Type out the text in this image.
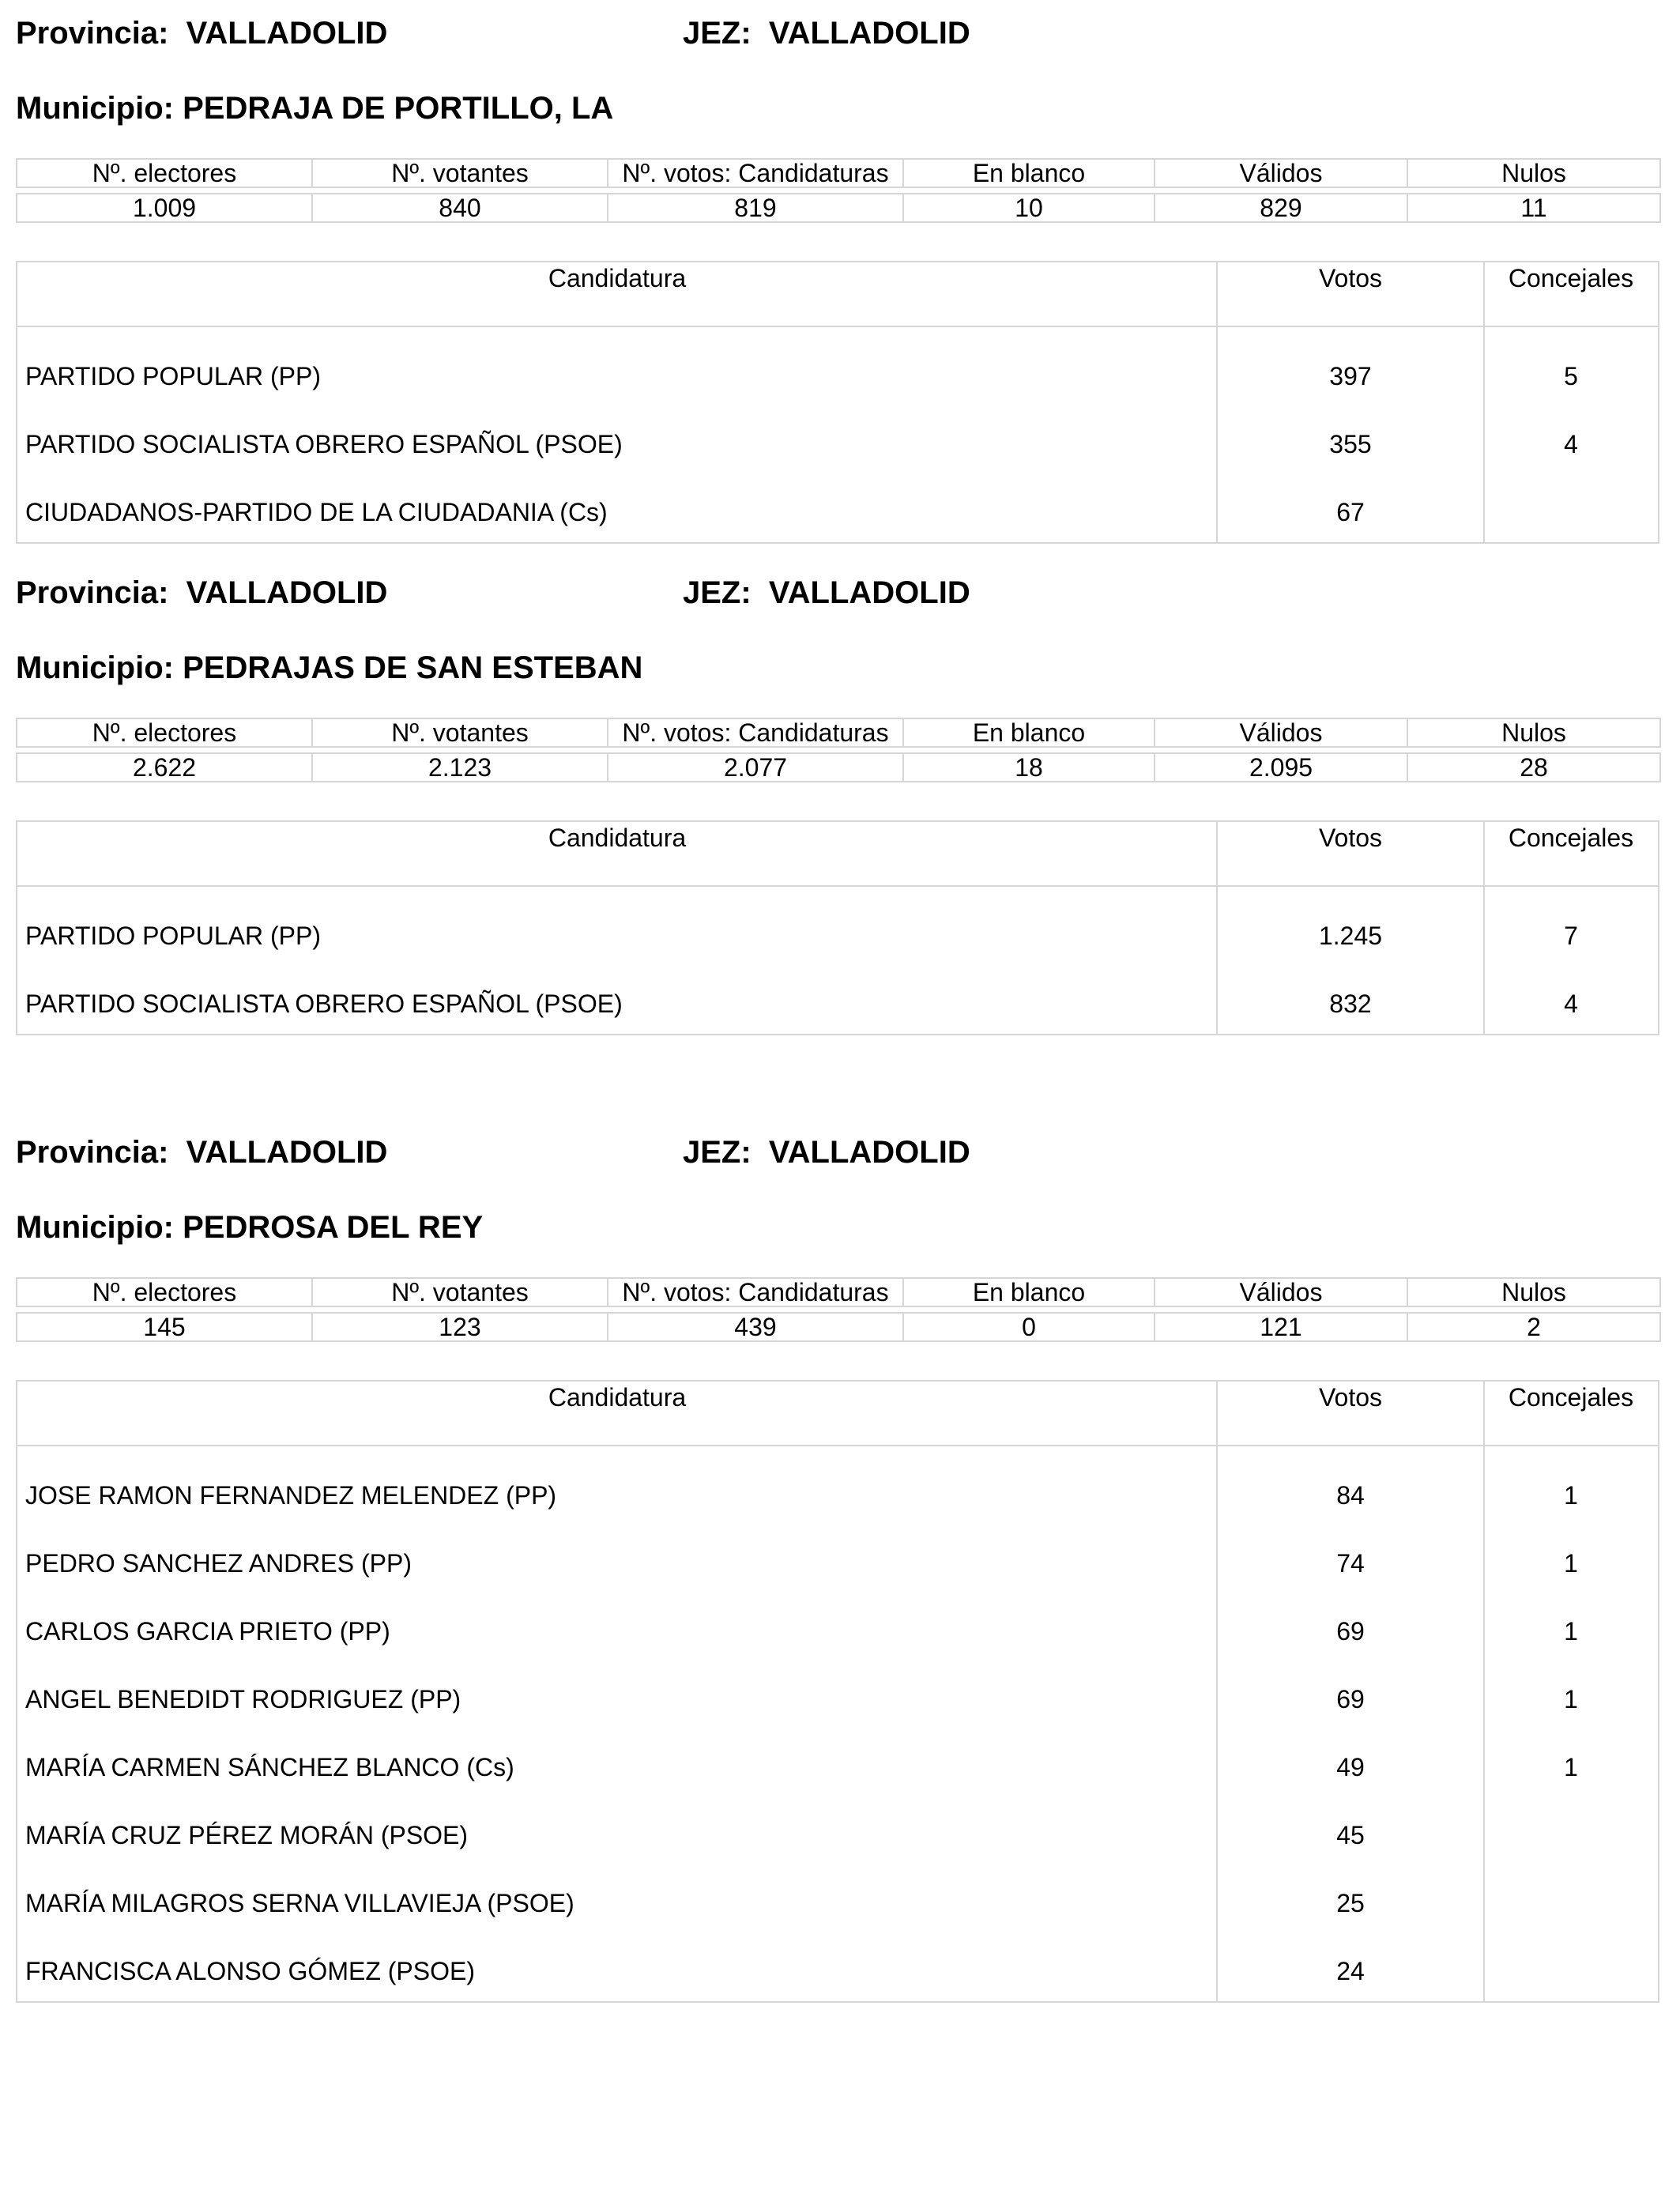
Provincia: VALLADOLID	JEZ: VALLADOLID
Municipio: PEDRAJA DE PORTILLO, LA
Nº. electores	Nº. votantes	Nº. votos: Candidaturas	En blanco	Válidos	Nulos

1.009	840	819	10	829	11
Candidatura	Votos	Concejales
PARTIDO POPULAR (PP)	397	5
PARTIDO SOCIALISTA OBRERO ESPAÑOL (PSOE)	355	4
CIUDADANOS-PARTIDO DE LA CIUDADANIA (Cs)	67
Provincia: VALLADOLID	JEZ: VALLADOLID
Municipio: PEDRAJAS DE SAN ESTEBAN
Nº. electores	Nº. votantes	Nº. votos: Candidaturas	En blanco	Válidos	Nulos

2.622	2.123	2.077	18	2.095	28
Candidatura	Votos	Concejales
PARTIDO POPULAR (PP)	1.245	7
PARTIDO SOCIALISTA OBRERO ESPAÑOL (PSOE)	832	4
Provincia: VALLADOLID	JEZ: VALLADOLID
Municipio: PEDROSA DEL REY
Nº. electores	Nº. votantes	Nº. votos: Candidaturas	En blanco	Válidos	Nulos

145	123	439	0	121	2
Candidatura	Votos	Concejales
JOSE RAMON FERNANDEZ MELENDEZ (PP)	84	1
PEDRO SANCHEZ ANDRES (PP)	74	1
CARLOS GARCIA PRIETO (PP)	69	1
ANGEL BENEDIDT RODRIGUEZ (PP)	69	1
MARÍA CARMEN SÁNCHEZ BLANCO (Cs)	49	1
MARÍA CRUZ PÉREZ MORÁN (PSOE)	45
MARÍA MILAGROS SERNA VILLAVIEJA (PSOE)	25
FRANCISCA ALONSO GÓMEZ (PSOE)	24
